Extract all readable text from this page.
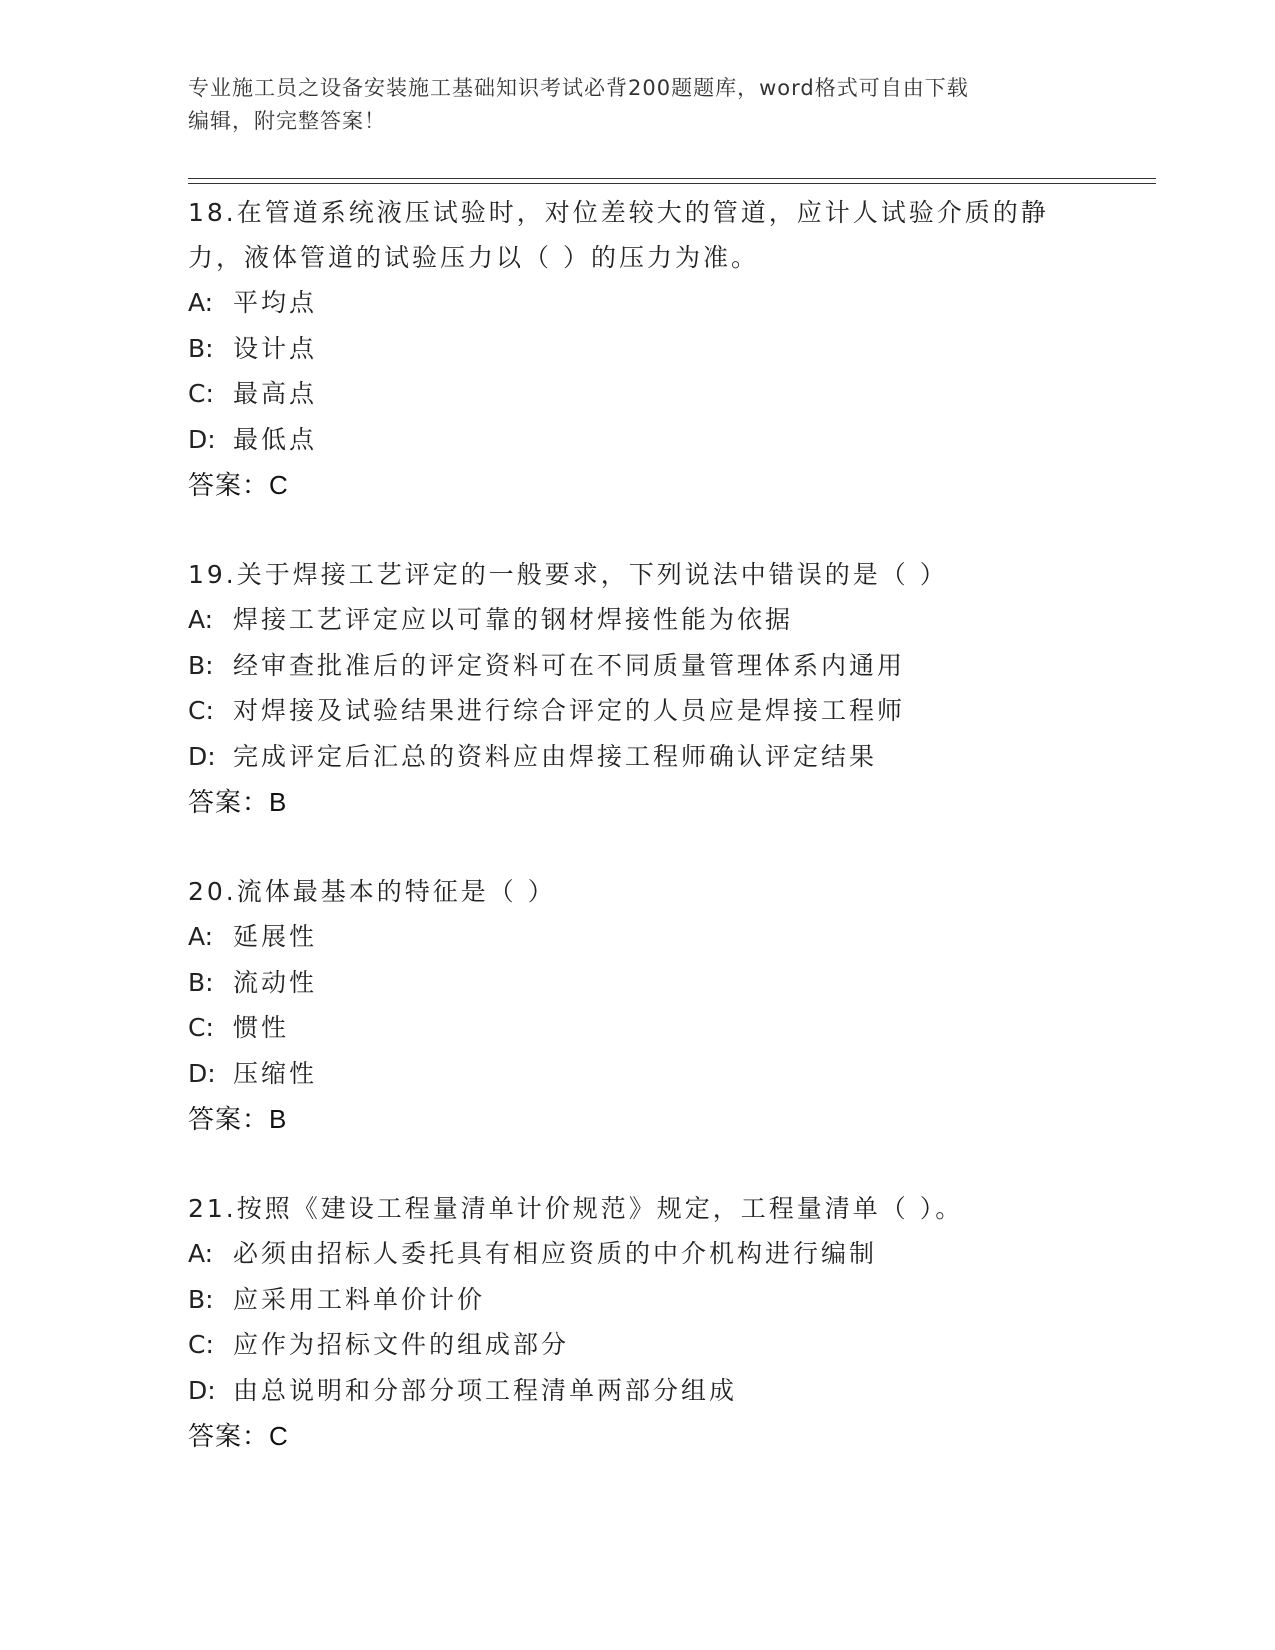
专业施工员之设备安装施工基础知识考试必背200题题库，word格式可自由下载
编辑，附完整答案！
18.在管道系统液压试验时，对位差较大的管道，应计人试验介质的静力，液体管道的试验压力以（ ）的压力为准。
A: 平均点
B: 设计点
C: 最高点
D: 最低点
答案：C
19.关于焊接工艺评定的一般要求，下列说法中错误的是（ ）
A: 焊接工艺评定应以可靠的钢材焊接性能为依据
B: 经审查批准后的评定资料可在不同质量管理体系内通用
C: 对焊接及试验结果进行综合评定的人员应是焊接工程师
D: 完成评定后汇总的资料应由焊接工程师确认评定结果
答案：B
20.流体最基本的特征是（ ）
A: 延展性
B: 流动性
C: 惯性
D: 压缩性
答案：B
21.按照《建设工程量清单计价规范》规定，工程量清单（ ）。
A: 必须由招标人委托具有相应资质的中介机构进行编制
B: 应采用工料单价计价
C: 应作为招标文件的组成部分
D: 由总说明和分部分项工程清单两部分组成
答案：C
